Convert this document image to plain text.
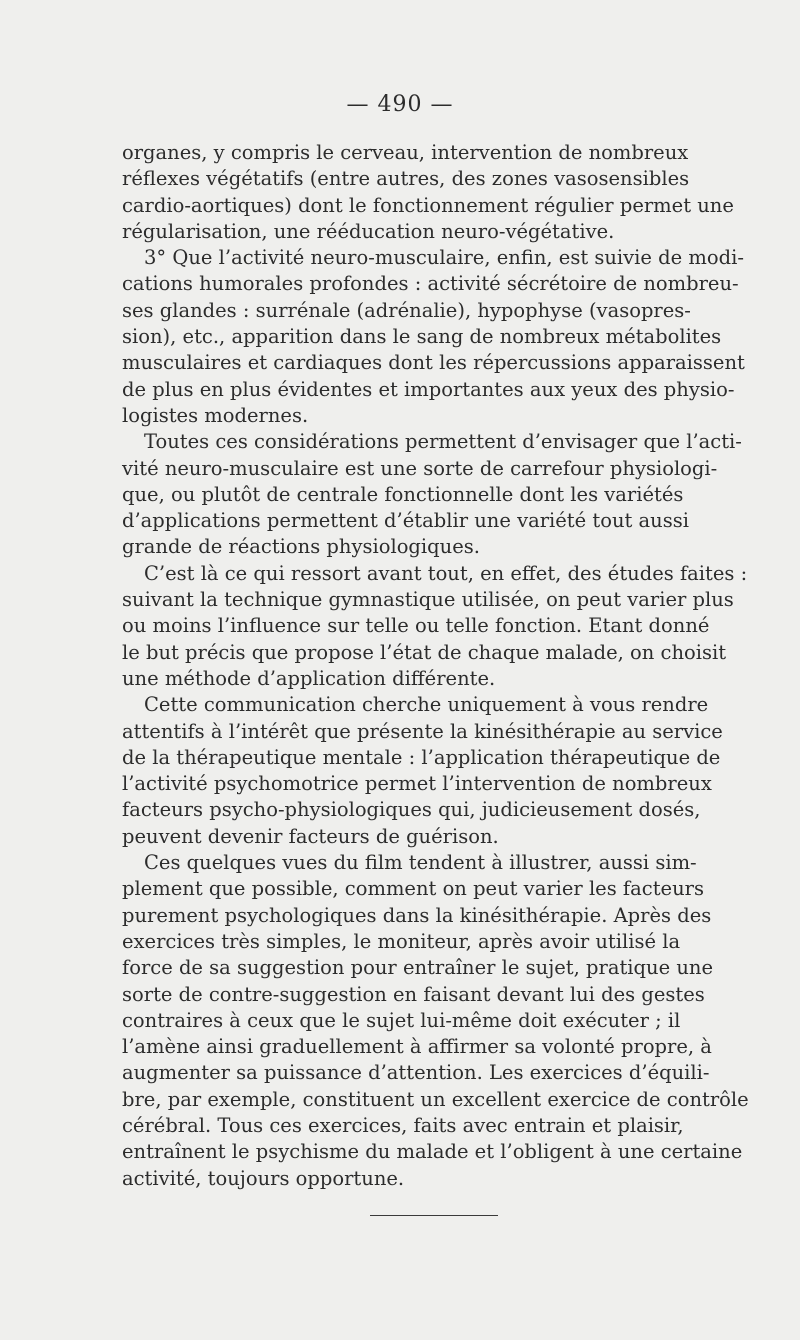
— 490 —
organes, y compris le cerveau, intervention de nombreux
réflexes végétatifs (entre autres, des zones vasosensibles
cardio-aortiques) dont le fonctionnement régulier permet une
régularisation, une rééducation neuro-végétative.
3° Que l’activité neuro-musculaire, enfin, est suivie de modi-
cations humorales profondes : activité sécrétoire de nombreu-
ses glandes : surrénale (adrénalie), hypophyse (vasopres-
sion), etc., apparition dans le sang de nombreux métabolites
musculaires et cardiaques dont les répercussions apparaissent
de plus en plus évidentes et importantes aux yeux des physio-
logistes modernes.
Toutes ces considérations permettent d’envisager que l’acti-
vité neuro-musculaire est une sorte de carrefour physiologi-
que, ou plutôt de centrale fonctionnelle dont les variétés
d’applications permettent d’établir une variété tout aussi
grande de réactions physiologiques.
C’est là ce qui ressort avant tout, en effet, des études faites :
suivant la technique gymnastique utilisée, on peut varier plus
ou moins l’influence sur telle ou telle fonction. Etant donné
le but précis que propose l’état de chaque malade, on choisit
une méthode d’application différente.
Cette communication cherche uniquement à vous rendre
attentifs à l’intérêt que présente la kinésithérapie au service
de la thérapeutique mentale : l’application thérapeutique de
l’activité psychomotrice permet l’intervention de nombreux
facteurs psycho-physiologiques qui, judicieusement dosés,
peuvent devenir facteurs de guérison.
Ces quelques vues du film tendent à illustrer, aussi sim-
plement que possible, comment on peut varier les facteurs
purement psychologiques dans la kinésithérapie. Après des
exercices très simples, le moniteur, après avoir utilisé la
force de sa suggestion pour entraîner le sujet, pratique une
sorte de contre-suggestion en faisant devant lui des gestes
contraires à ceux que le sujet lui-même doit exécuter ; il
l’amène ainsi graduellement à affirmer sa volonté propre, à
augmenter sa puissance d’attention. Les exercices d’équili-
bre, par exemple, constituent un excellent exercice de contrôle
cérébral. Tous ces exercices, faits avec entrain et plaisir,
entraînent le psychisme du malade et l’obligent à une certaine
activité, toujours opportune.
